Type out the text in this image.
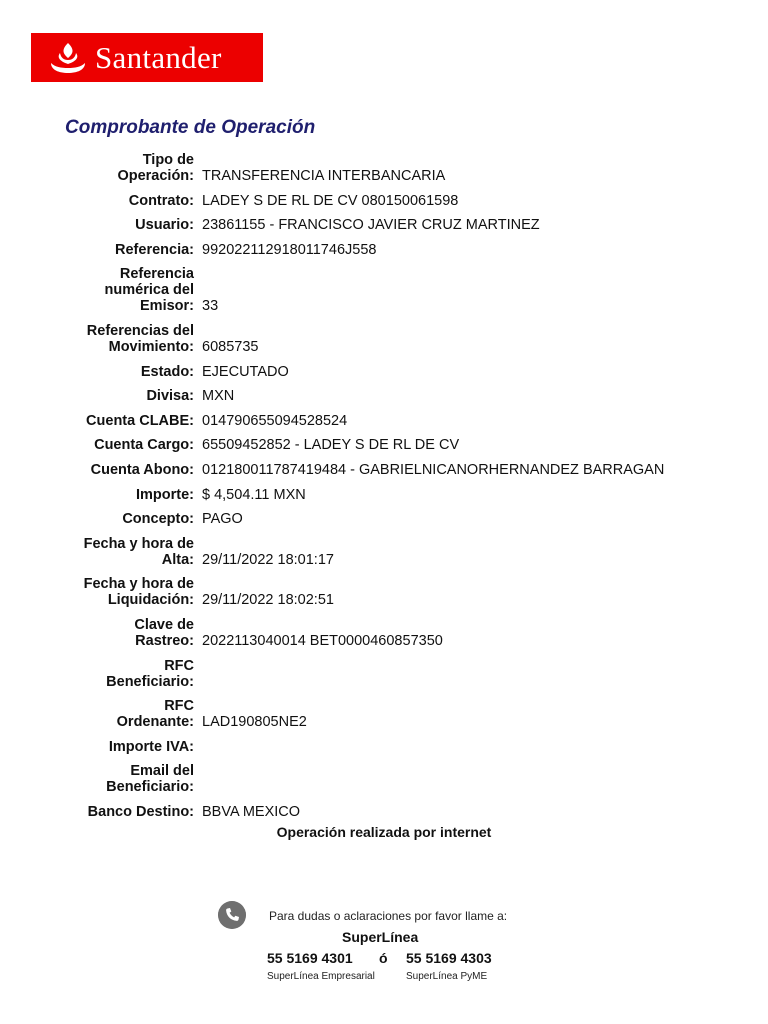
Santander
Comprobante de Operación
Tipo de
Operación: TRANSFERENCIA INTERBANCARIA
Contrato: LADEY S DE RL DE CV 080150061598
Usuario: 23861155 - FRANCISCO JAVIER CRUZ MARTINEZ
Referencia: 992022112918011746J558
Referencia
numérica del
Emisor: 33
Referencias del
Movimiento: 6085735
Estado: EJECUTADO
Divisa: MXN
Cuenta CLABE: 014790655094528524
Cuenta Cargo: 65509452852 - LADEY S DE RL DE CV
Cuenta Abono: 012180011787419484 - GABRIELNICANORHERNANDEZ BARRAGAN
Importe: $ 4,504.11 MXN
Concepto: PAGO
Fecha y hora de
Alta: 29/11/2022 18:01:17
Fecha y hora de
Liquidación: 29/11/2022 18:02:51
Clave de
Rastreo: 2022113040014 BET0000460857350
RFC
Beneficiario:
RFC
Ordenante: LAD190805NE2
Importe IVA:
Email del
Beneficiario:
Banco Destino: BBVA MEXICO
Operación realizada por internet
Para dudas o aclaraciones por favor llame a:
SuperLínea
55 5169 4301 ó 55 5169 4303
SuperLínea Empresarial	SuperLínea PyME
